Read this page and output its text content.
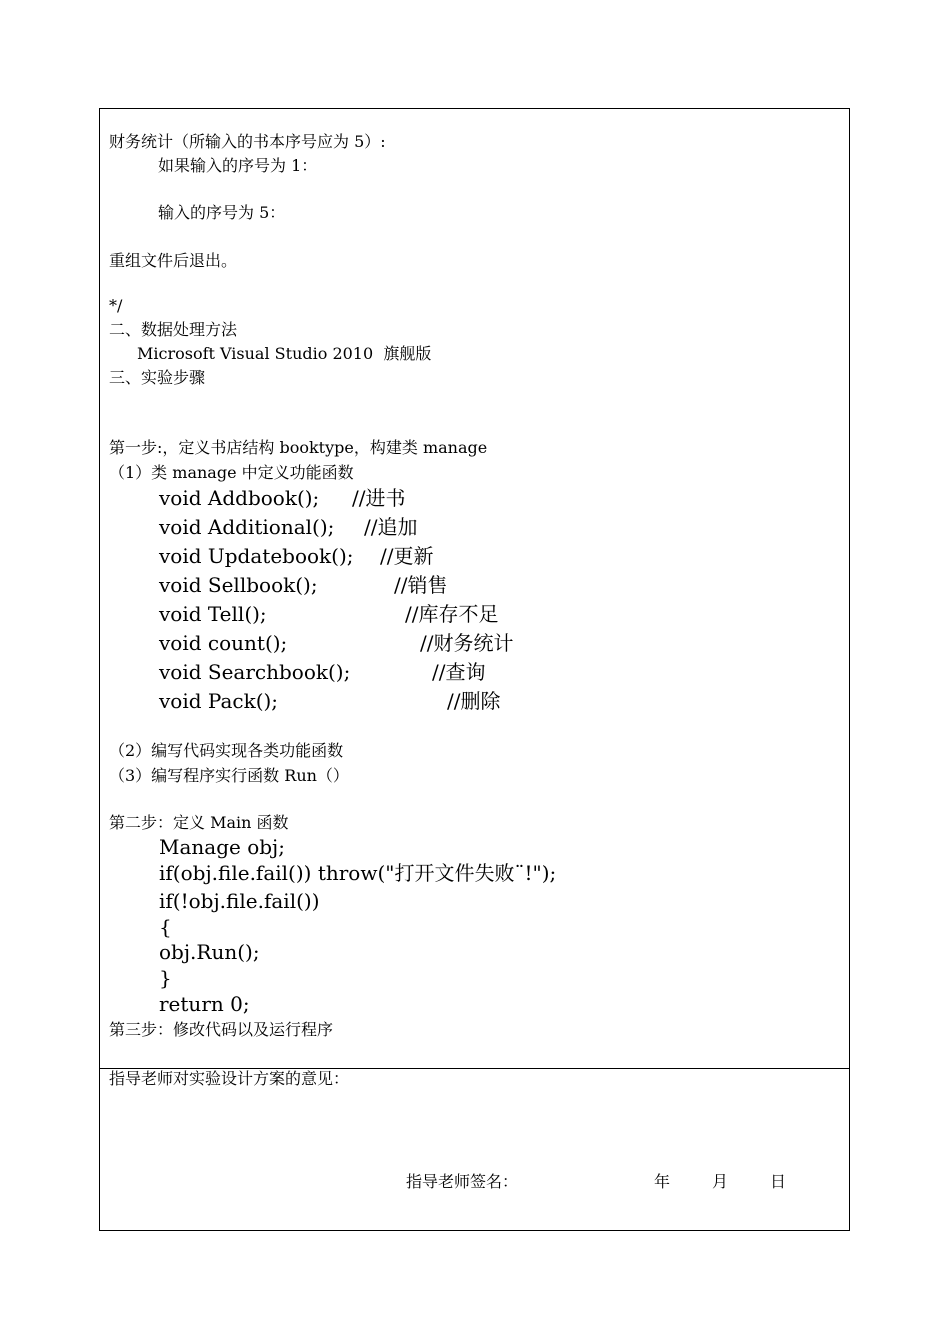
财务统计（所输入的书本序号应为 5）:
如果输入的序号为 1：
输入的序号为 5：
重组文件后退出。
*/
二、数据处理方法
Microsoft Visual Studio 2010  旗舰版
三、实验步骤
第一步:，定义书店结构 booktype，构建类 manage
（1）类 manage 中定义功能函数
void Addbook(); //进书
void Additional(); //追加
void Updatebook(); //更新
void Sellbook();	//销售
void Tell();	//库存不足
void count();	//财务统计
void Searchbook();	//查询
void Pack();	//删除
（2）编写代码实现各类功能函数
（3）编写程序实行函数 Run（）
第二步：定义 Main 函数
Manage obj;
if(obj.file.fail()) throw("打开文件失败¨!");
if(!obj.file.fail())
{
obj.Run();
}
return 0;
第三步：修改代码以及运行程序
指导老师对实验设计方案的意见：
指导老师签名：	年	月	日
